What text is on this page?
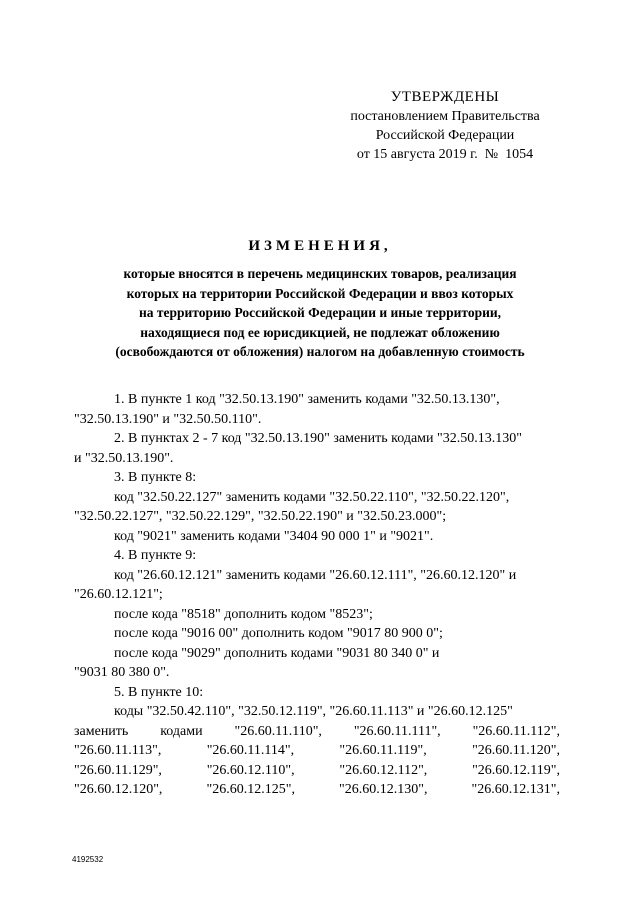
УТВЕРЖДЕНЫ
постановлением Правительства
Российской Федерации
от 15 августа 2019 г.  №  1054
ИЗМЕНЕНИЯ,
которые вносятся в перечень медицинских товаров, реализация
которых на территории Российской Федерации и ввоз которых
на территорию Российской Федерации и иные территории,
находящиеся под ее юрисдикцией, не подлежат обложению
(освобождаются от обложения) налогом на добавленную стоимость
1. В пункте 1 код "32.50.13.190" заменить кодами "32.50.13.130",
"32.50.13.190" и "32.50.50.110".
2. В пунктах 2 - 7 код "32.50.13.190" заменить кодами "32.50.13.130"
и "32.50.13.190".
3. В пункте 8:
код "32.50.22.127" заменить кодами "32.50.22.110", "32.50.22.120",
"32.50.22.127", "32.50.22.129", "32.50.22.190" и "32.50.23.000";
код "9021" заменить кодами "3404 90 000 1" и "9021".
4. В пункте 9:
код "26.60.12.121" заменить кодами "26.60.12.111", "26.60.12.120" и
"26.60.12.121";
после кода "8518" дополнить кодом "8523";
после кода "9016 00" дополнить кодом "9017 80 900 0";
после кода "9029" дополнить кодами "9031 80 340 0" и
"9031 80 380 0".
5. В пункте 10:
коды "32.50.42.110", "32.50.12.119", "26.60.11.113" и "26.60.12.125"
заменить кодами "26.60.11.110", "26.60.11.111", "26.60.11.112",
"26.60.11.113",	"26.60.11.114",	"26.60.11.119",	"26.60.11.120",
"26.60.11.129",	"26.60.12.110",	"26.60.12.112",	"26.60.12.119",
"26.60.12.120",	"26.60.12.125",	"26.60.12.130",	"26.60.12.131",
4192532
